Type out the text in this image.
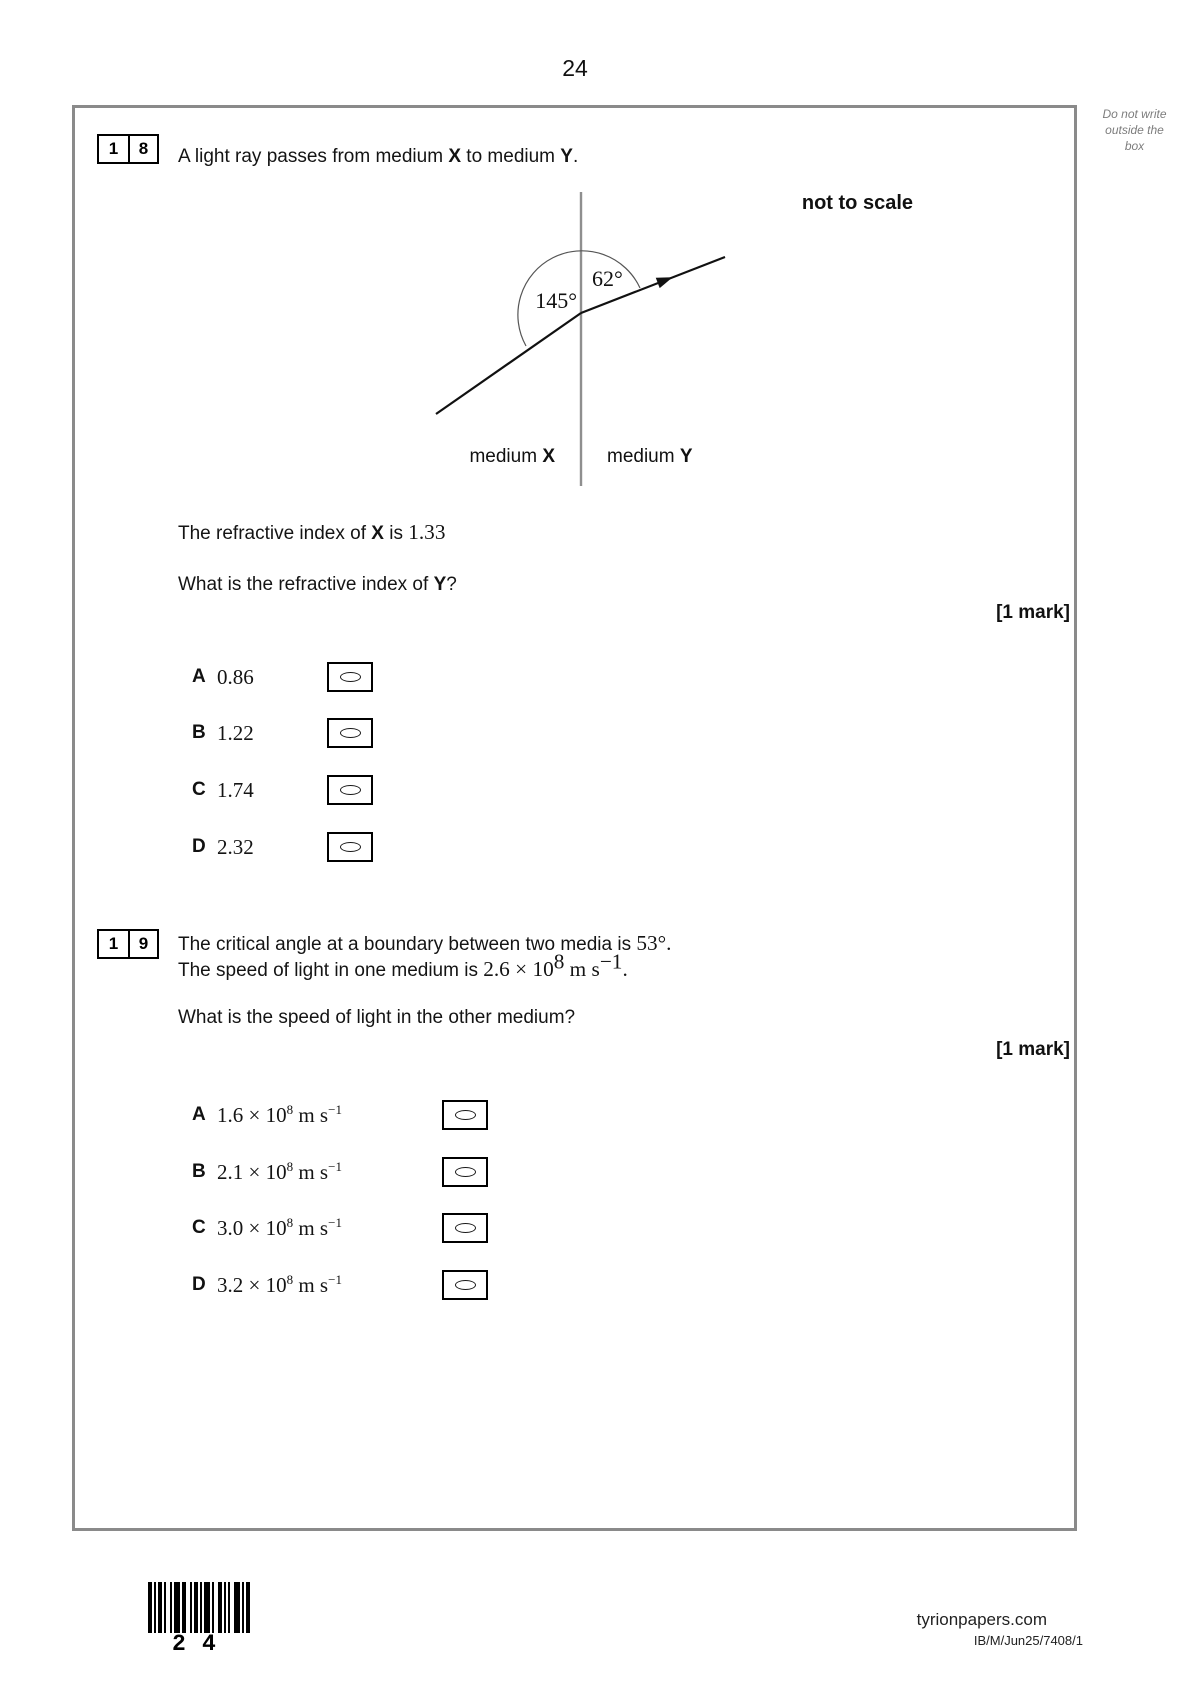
24
Do not write
outside the
box
1	8	A light ray passes from medium X to medium Y.
not to scale
145°
62°
medium X	medium Y
The refractive index of X is 1.33
What is the refractive index of Y?
[1 mark]
A 0.86
B 1.22
C 1.74
D 2.32
1	9	The critical angle at a boundary between two media is 53°.
The speed of light in one medium is $2.6 \times 10^8$ m $s^{-1}$.
What is the speed of light in the other medium?
[1 mark]
A $1.6 \times 10^8$ m $s^{-1}$
B $2.1 \times 10^8$ m $s^{-1}$
C $3.0 \times 10^8$ m $s^{-1}$
D $3.2 \times 10^8$ m $s^{-1}$
2 4
tyrionpapers.com
IB/M/Jun25/7408/1
